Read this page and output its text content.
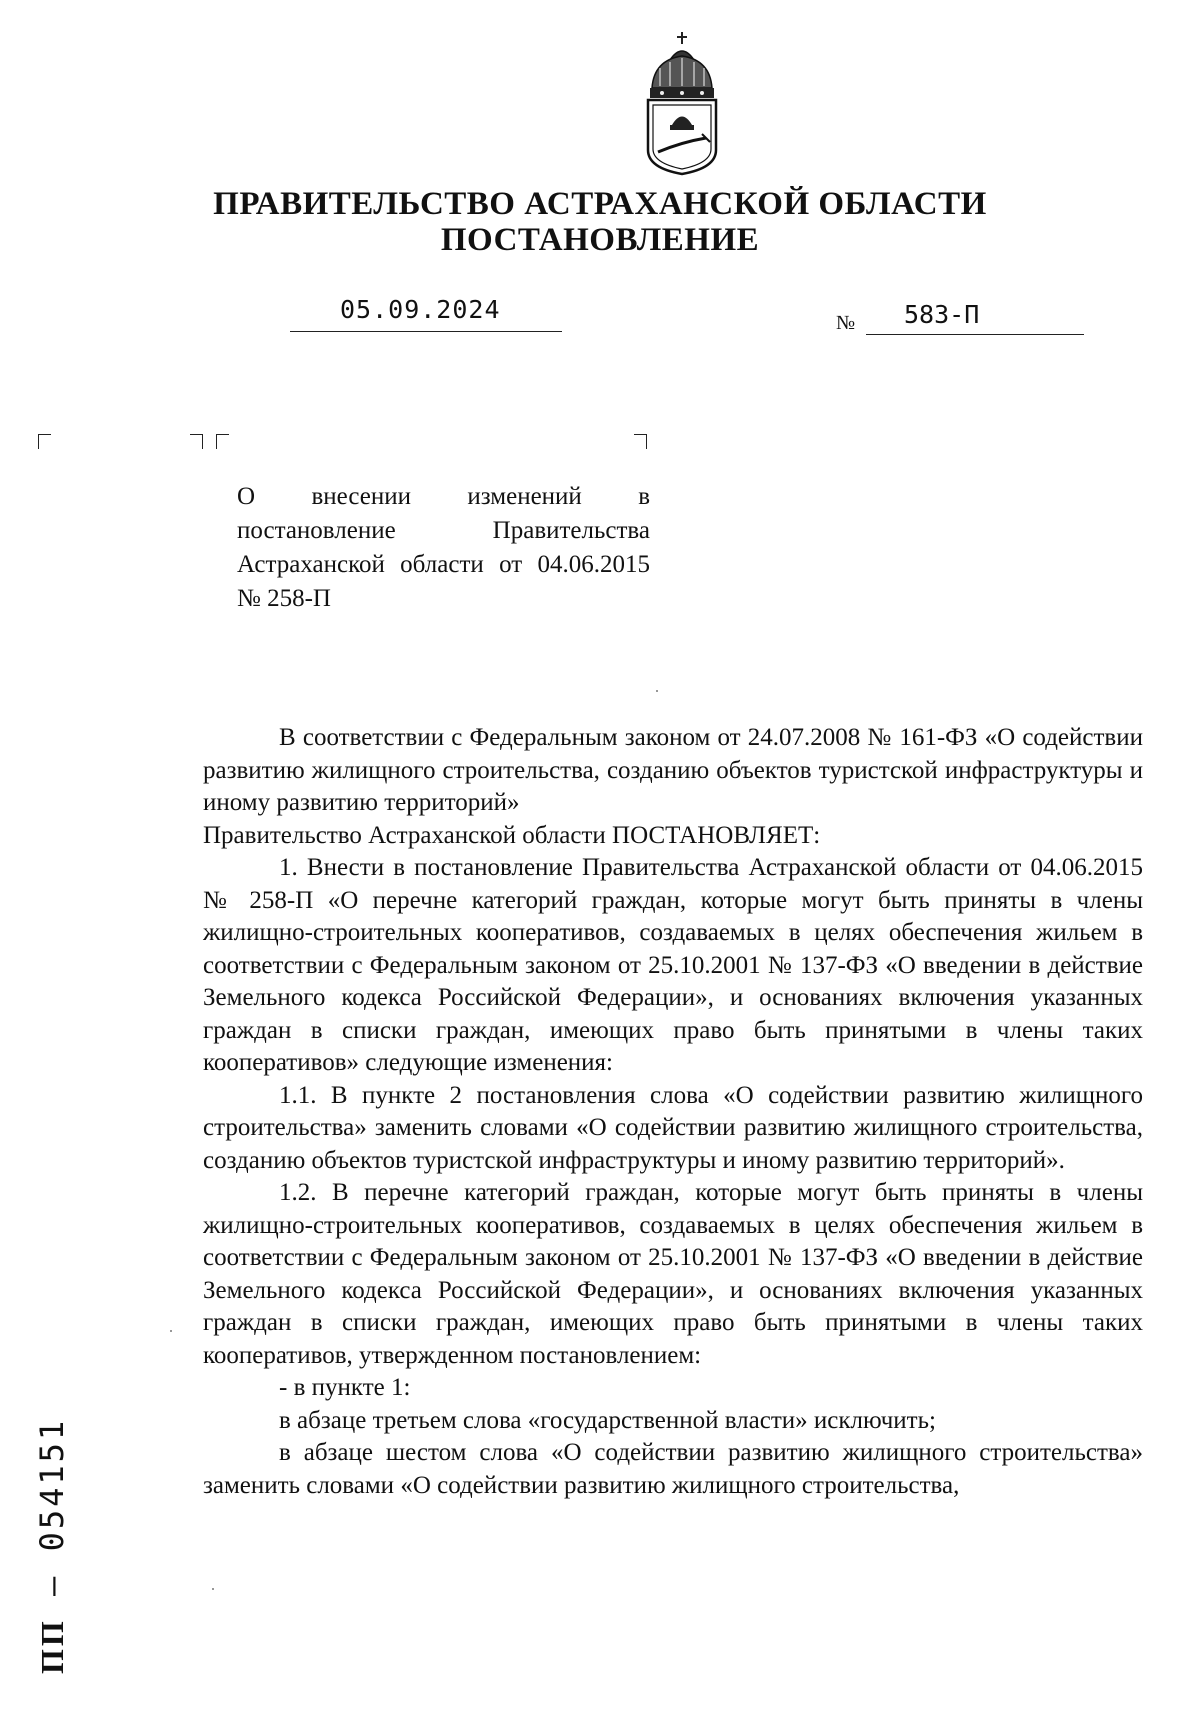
ПРАВИТЕЛЬСТВО АСТРАХАНСКОЙ ОБЛАСТИ
ПОСТАНОВЛЕНИЕ
05.09.2024	№ 583-П
О внесении изменений в постановление Правительства Астраханской области от 04.06.2015 № 258-П

В соответствии с Федеральным законом от 24.07.2008 № 161-ФЗ «О содействии развитию жилищного строительства, созданию объектов туристской инфраструктуры и иному развитию территорий»

Правительство Астраханской области ПОСТАНОВЛЯЕТ:

1. Внести в постановление Правительства Астраханской области от 04.06.2015 № 258-П «О перечне категорий граждан, которые могут быть приняты в члены жилищно-строительных кооперативов, создаваемых в целях обеспечения жильем в соответствии с Федеральным законом от 25.10.2001 № 137-ФЗ «О введении в действие Земельного кодекса Российской Федерации», и основаниях включения указанных граждан в списки граждан, имеющих право быть принятыми в члены таких кооперативов» следующие изменения:

1.1. В пункте 2 постановления слова «О содействии развитию жилищного строительства» заменить словами «О содействии развитию жилищного строительства, созданию объектов туристской инфраструктуры и иному развитию территорий».

1.2. В перечне категорий граждан, которые могут быть приняты в члены жилищно-строительных кооперативов, создаваемых в целях обеспечения жильем в соответствии с Федеральным законом от 25.10.2001 № 137-ФЗ «О введении в действие Земельного кодекса Российской Федерации», и основаниях включения указанных граждан в списки граждан, имеющих право быть принятыми в члены таких кооперативов, утвержденном постановлением:

- в пункте 1:

в абзаце третьем слова «государственной власти» исключить;

в абзаце шестом слова «О содействии развитию жилищного строительства» заменить словами «О содействии развитию жилищного строительства,

ПП – 054151
